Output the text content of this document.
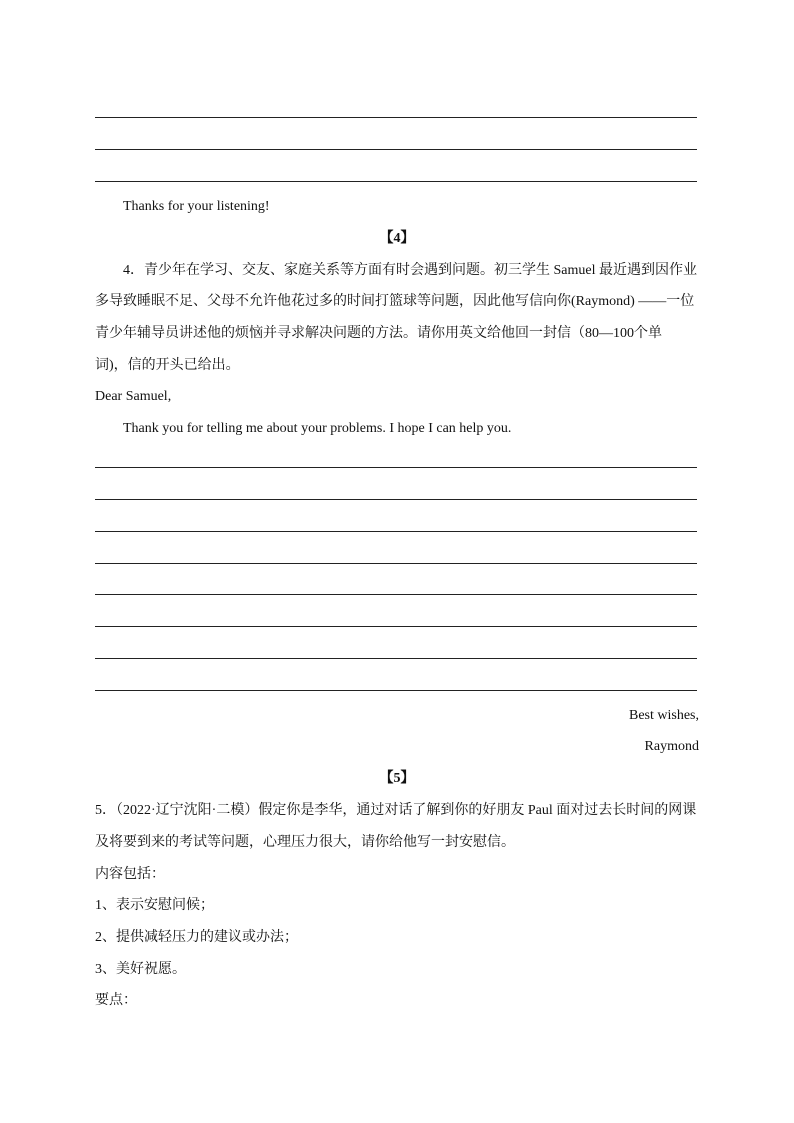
Thanks for your listening!
【4】
4．青少年在学习、交友、家庭关系等方面有时会遇到问题。初三学生 Samuel 最近遇到因作业
多导致睡眠不足、父母不允许他花过多的时间打篮球等问题，因此他写信向你(Raymond) ——一位
青少年辅导员讲述他的烦恼并寻求解决问题的方法。请你用英文给他回一封信（80—100个单
词)，信的开头已给出。
Dear Samuel,
Thank you for telling me about your problems. I hope I can help you.
Best wishes,
Raymond
【5】
5．（2022·辽宁沈阳·二模）假定你是李华，通过对话了解到你的好朋友 Paul 面对过去长时间的网课
及将要到来的考试等问题，心理压力很大，请你给他写一封安慰信。
内容包括：
1、表示安慰问候；
2、提供减轻压力的建议或办法；
3、美好祝愿。
要点：
